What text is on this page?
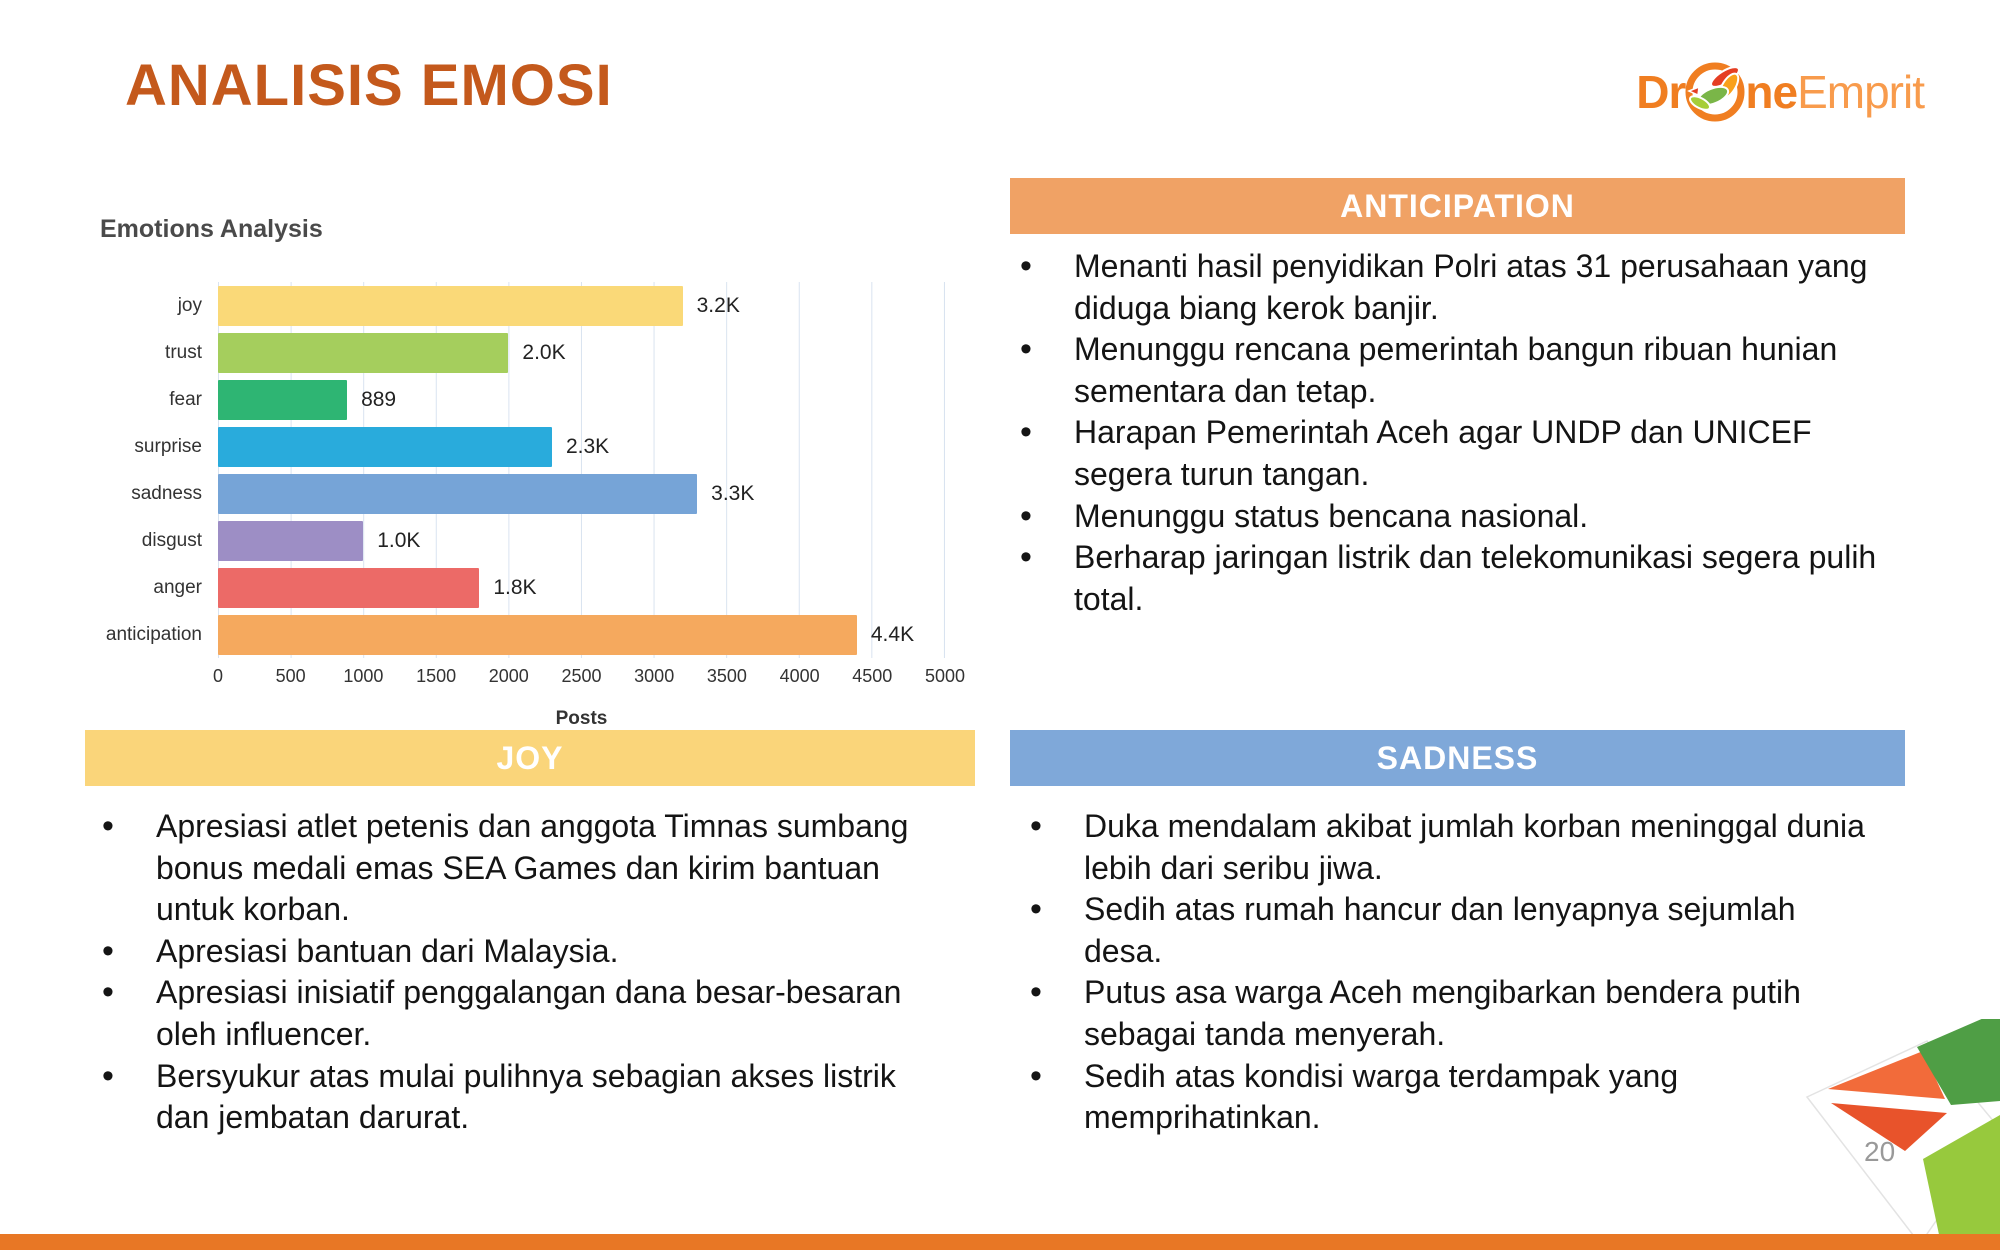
ANALISIS EMOSI	Dr ne Emprit
Emotions Analysis
joy
trust
fear
surprise
sadness
disgust
anger
anticipation
3.2K
2.0K
889
2.3K
3.3K
1.0K
1.8K
4.4K
0	500 1000 1500 2000 2500 3000 3500 4000 4500 5000
Posts
ANTICIPATION
• Menanti hasil penyidikan Polri atas 31 perusahaan yang diduga biang kerok banjir.
• Menunggu rencana pemerintah bangun ribuan hunian sementara dan tetap.
• Harapan Pemerintah Aceh agar UNDP dan UNICEF segera turun tangan.
• Menunggu status bencana nasional.
• Berharap jaringan listrik dan telekomunikasi segera pulih total.
JOY
• Apresiasi atlet petenis dan anggota Timnas sumbang bonus medali emas SEA Games dan kirim bantuan untuk korban.
• Apresiasi bantuan dari Malaysia.
• Apresiasi inisiatif penggalangan dana besar-besaran oleh influencer.
• Bersyukur atas mulai pulihnya sebagian akses listrik dan jembatan darurat.
SADNESS
• Duka mendalam akibat jumlah korban meninggal dunia lebih dari seribu jiwa.
• Sedih atas rumah hancur dan lenyapnya sejumlah desa.
• Putus asa warga Aceh mengibarkan bendera putih sebagai tanda menyerah.
• Sedih atas kondisi warga terdampak yang memprihatinkan.
20
